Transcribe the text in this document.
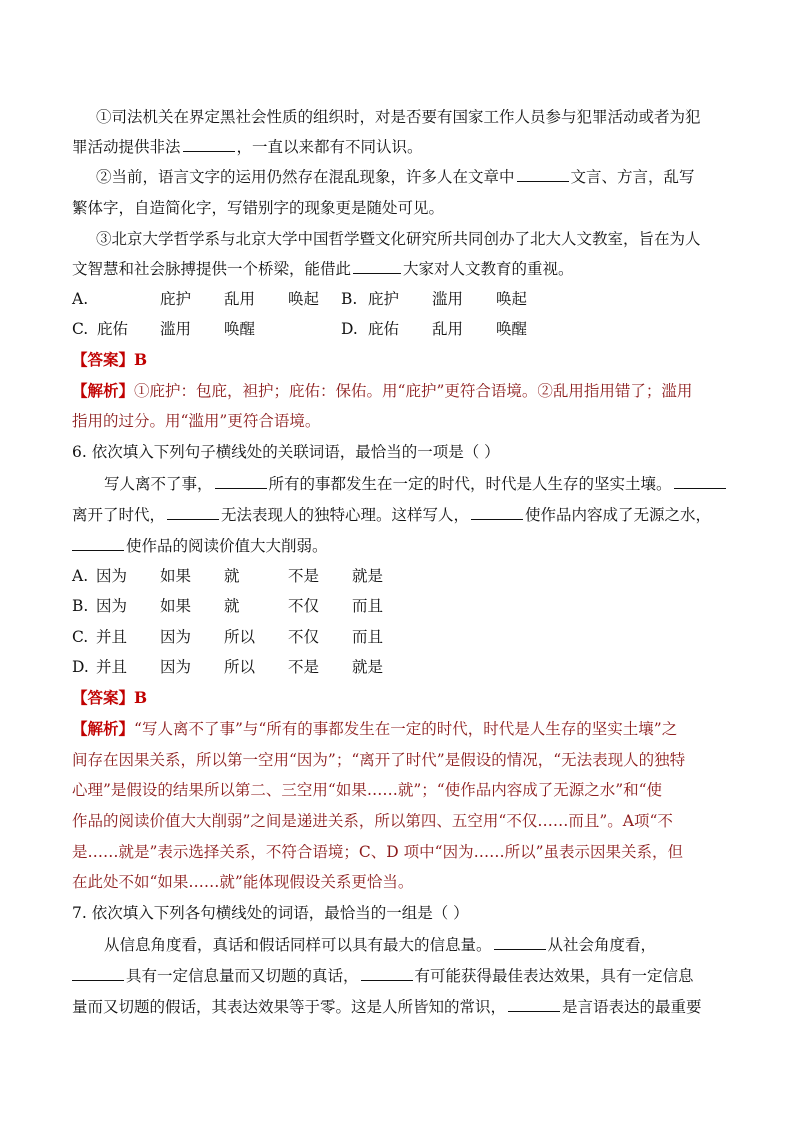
①司法机关在界定黑社会性质的组织时，对是否要有国家工作人员参与犯罪活动或者为犯
罪活动提供非法	，一直以来都有不同认识。
②当前，语言文字的运用仍然存在混乱现象，许多人在文章中	文言、方言，乱写
繁体字，自造简化字，写错别字的现象更是随处可见。
③北京大学哲学系与北京大学中国哲学暨文化研究所共同创办了北大人文教室，旨在为人
文智慧和社会脉搏提供一个桥梁，能借此	大家对人文教育的重视。
A.	庇护 乱用 唤起 B. 庇护 滥用 唤起
C. 庇佑 滥用 唤醒	D. 庇佑 乱用 唤醒
【答案】B
【解析】①庇护：包庇，袒护；庇佑：保佑。用“庇护”更符合语境。②乱用指用错了；滥用
指用的过分。用“滥用”更符合语境。
6. 依次填入下列句子横线处的关联词语，最恰当的一项是（ ）
写人离不了事，	所有的事都发生在一定的时代，时代是人生存的坚实土壤。
离开了时代，	无法表现人的独特心理。这样写人，	使作品内容成了无源之水，
使作品的阅读价值大大削弱。
A. 因为 如果 就	不是 就是
B. 因为 如果 就	不仅 而且
C. 并且 因为 所以 不仅 而且
D. 并且 因为 所以 不是 就是
【答案】B
【解析】“写人离不了事”与“所有的事都发生在一定的时代，时代是人生存的坚实土壤”之
间存在因果关系，所以第一空用“因为”；“离开了时代”是假设的情况，“无法表现人的独特
心理”是假设的结果所以第二、三空用“如果……就”；“使作品内容成了无源之水”和“使
作品的阅读价值大大削弱”之间是递进关系，所以第四、五空用“不仅……而且”。A项“不
是……就是”表示选择关系，不符合语境；C、D 项中“因为……所以”虽表示因果关系，但
在此处不如“如果……就”能体现假设关系更恰当。
7. 依次填入下列各句横线处的词语，最恰当的一组是（ ）
从信息角度看，真话和假话同样可以具有最大的信息量。	从社会角度看，
具有一定信息量而又切题的真话，	有可能获得最佳表达效果，具有一定信息
量而又切题的假话，其表达效果等于零。这是人所皆知的常识，	是言语表达的最重要
